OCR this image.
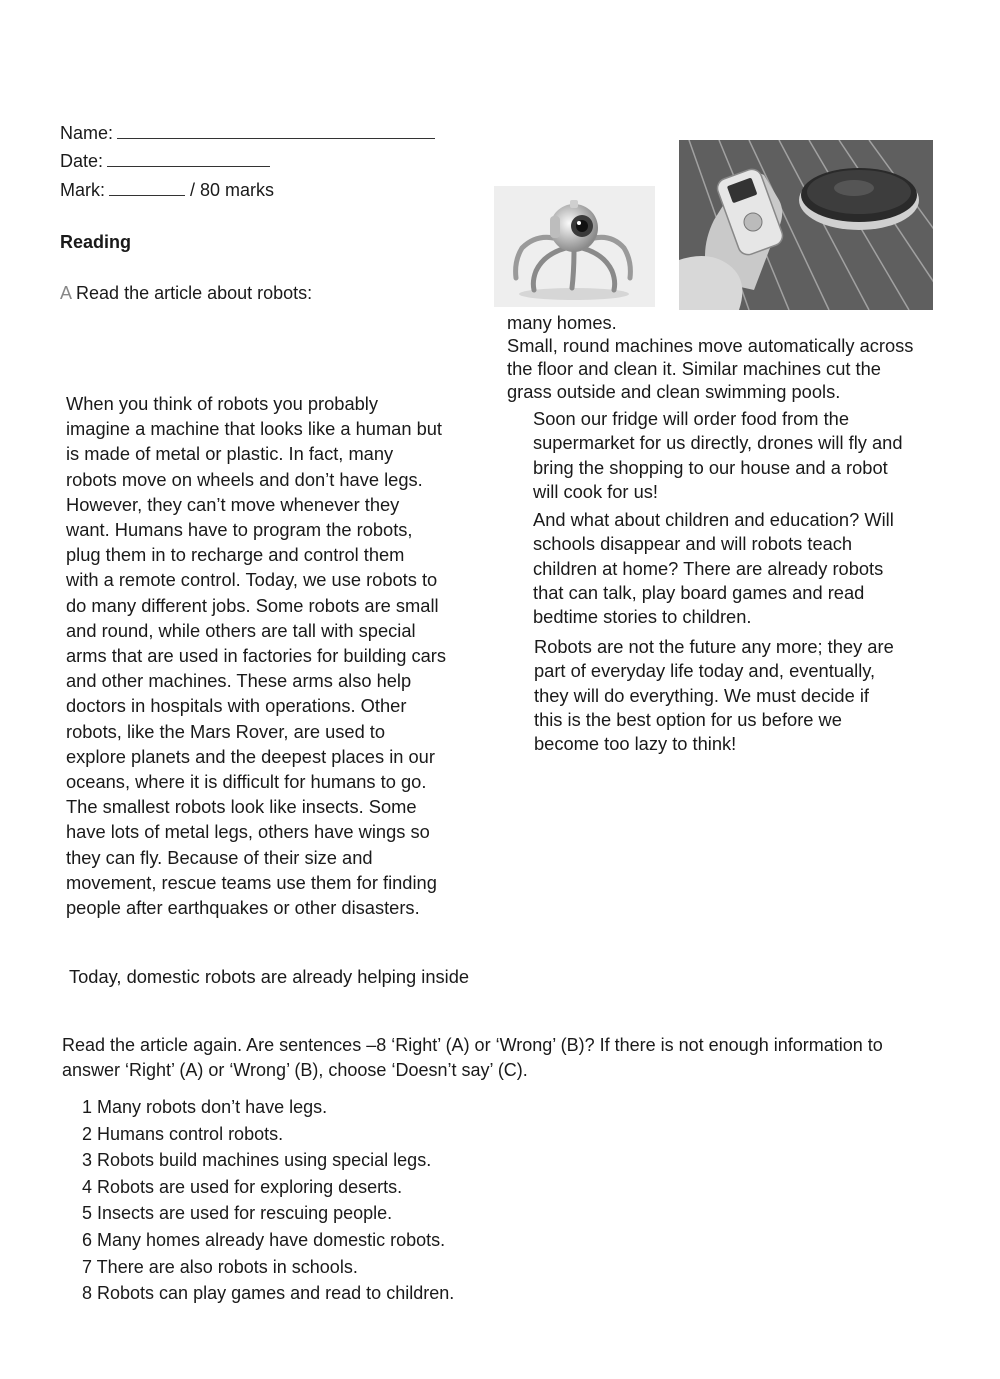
Name:
Date:
Mark:	/ 80 marks
Reading
A Read the article about robots:

When you think of robots you probably

imagine a machine that looks like a human but

is made of metal or plastic. In fact, many

robots move on wheels and don’t have legs.

However, they can’t move whenever they

want. Humans have to program the robots,

plug them in to recharge and control them

with a remote control. Today, we use robots to

do many different jobs. Some robots are small

and round, while others are tall with special

arms that are used in factories for building cars

and other machines. These arms also help

doctors in hospitals with operations. Other

robots, like the Mars Rover, are used to

explore planets and the deepest places in our

oceans, where it is difficult for humans to go.

The smallest robots look like insects. Some

have lots of metal legs, others have wings so

they can fly. Because of their size and

movement, rescue teams use them for finding

people after earthquakes or other disasters.

Today, domestic robots are already helping inside

many homes.

Small, round machines move automatically across

the floor and clean it. Similar machines cut the

grass outside and clean swimming pools.

Soon our fridge will order food from the

supermarket for us directly, drones will fly and

bring the shopping to our house and a robot

will cook for us!

And what about children and education? Will

schools disappear and will robots teach

children at home? There are already robots

that can talk, play board games and read

bedtime stories to children.

Robots are not the future any more; they are

part of everyday life today and, eventually,

they will do everything. We must decide if

this is the best option for us before we

become too lazy to think!

Read the article again. Are sentences –8 ‘Right’ (A) or ‘Wrong’ (B)? If there is not enough information to
answer ‘Right’ (A) or ‘Wrong’ (B), choose ‘Doesn’t say’ (C).
1 Many robots don’t have legs.
2 Humans control robots.
3 Robots build machines using special legs.
4 Robots are used for exploring deserts.
5 Insects are used for rescuing people.
6 Many homes already have domestic robots.
7 There are also robots in schools.
8 Robots can play games and read to children.
